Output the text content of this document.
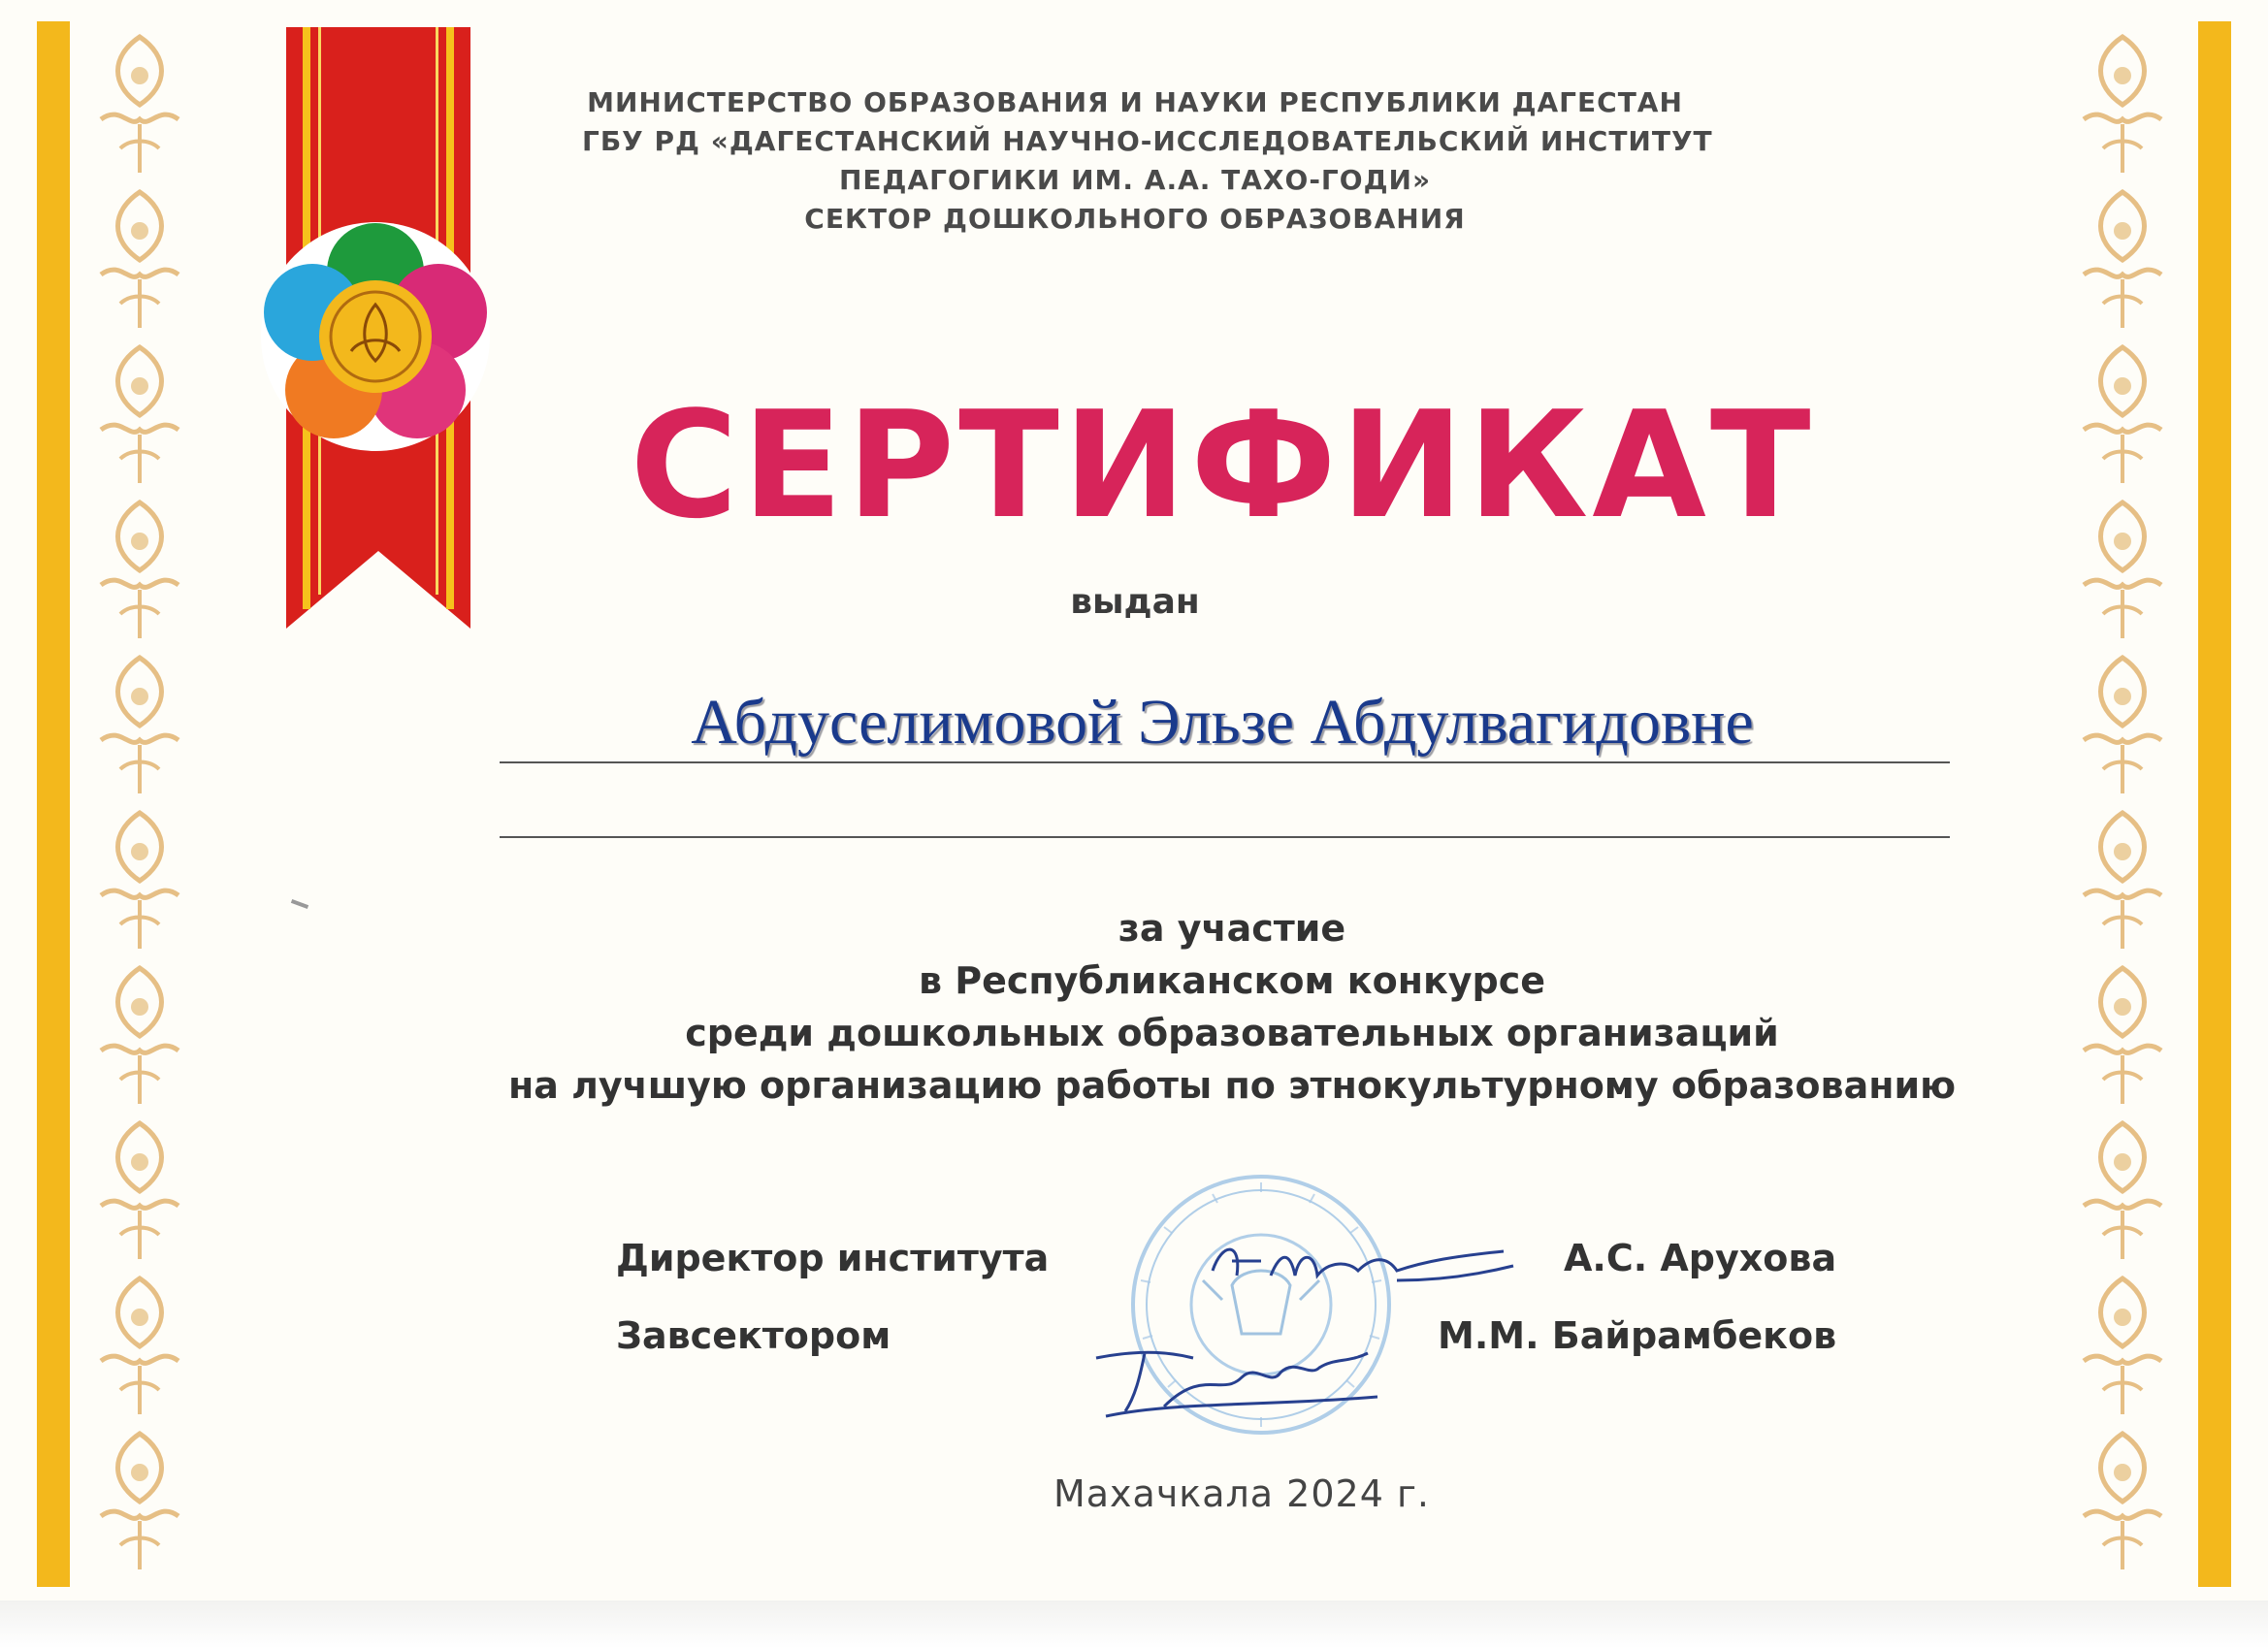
МИНИСТЕРСТВО ОБРАЗОВАНИЯ И НАУКИ РЕСПУБЛИКИ ДАГЕСТАН
ГБУ РД «ДАГЕСТАНСКИЙ НАУЧНО-ИССЛЕДОВАТЕЛЬСКИЙ ИНСТИТУТ
ПЕДАГОГИКИ ИМ. А.А. ТАХО-ГОДИ»
СЕКТОР ДОШКОЛЬНОГО ОБРАЗОВАНИЯ
СЕРТИФИКАТ
выдан
Абдуселимовой Эльзе Абдулвагидовне
за участие
в Республиканском конкурсе
среди дошкольных образовательных организаций
на лучшую организацию работы по этнокультурному образованию
Директор института	А.С. Арухова
Завсектором	М.М. Байрамбеков
Махачкала 2024 г.
